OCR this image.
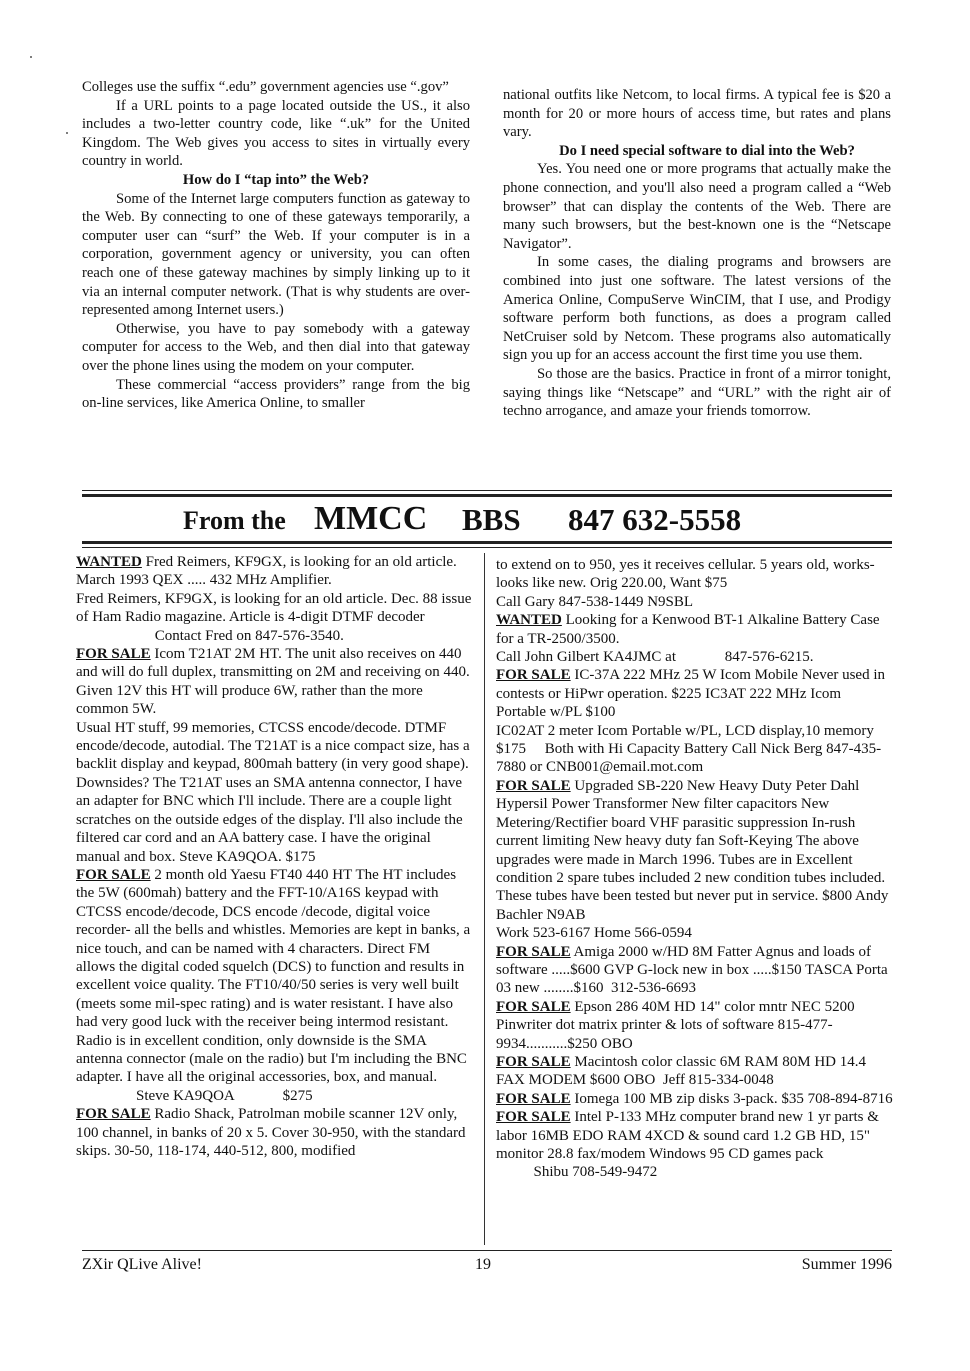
Colleges use the suffix “.edu” government agencies use “.gov”

If a URL points to a page located outside the US., it also includes a two-letter country code, like “.uk” for the United Kingdom. The Web gives you access to sites in virtually every country in world.

How do I “tap into” the Web?

Some of the Internet large computers function as gateway to the Web. By connecting to one of these gateways temporarily, a computer user can “surf” the Web. If your computer is in a corporation, government agency or university, you can often reach one of these gateway machines by simply linking up to it via an internal computer network. (That is why students are over-represented among Internet users.)

Otherwise, you have to pay somebody with a gateway computer for access to the Web, and then dial into that gateway over the phone lines using the modem on your computer.

These commercial “access providers” range from the big on-line services, like America Online, to smaller

national outfits like Netcom, to local firms. A typical fee is $20 a month for 20 or more hours of access time, but rates and plans vary.

Do I need special software to dial into the Web?

Yes. You need one or more programs that actually make the phone connection, and you'll also need a program called a “Web browser” that can display the contents of the Web. There are many such browsers, but the best-known one is the “Netscape Navigator”.

In some cases, the dialing programs and browsers are combined into just one software. The latest versions of the America Online, CompuServe WinCIM, that I use, and Prodigy software perform both functions, as does a program called NetCruiser sold by Netcom. These programs also automatically sign you up for an access account the first time you use them.

So those are the basics. Practice in front of a mirror tonight, saying things like “Netscape” and “URL” with the right air of techno arrogance, and amaze your friends tomorrow.

From the MMCC BBS 847 632-5558

WANTED Fred Reimers, KF9GX, is looking for an old article. March 1993 QEX ..... 432 MHz Amplifier.

Fred Reimers, KF9GX, is looking for an old article. Dec. 88 issue of Ham Radio magazine. Article is 4-digit DTMF decoder                      Contact Fred on 847-576-3540.

FOR SALE Icom T21AT 2M HT. The unit also receives on 440 and will do full duplex, transmitting on 2M and receiving on 440. Given 12V this HT will produce 6W, rather than the more common 5W.

Usual HT stuff, 99 memories, CTCSS encode/decode. DTMF encode/decode, autodial. The T21AT is a nice compact size, has a backlit display and keypad, 800mah battery (in very good shape).

Downsides? The T21AT uses an SMA antenna connector, I have an adapter for BNC which I'll include. There are a couple light scratches on the outside edges of the display. I'll also include the filtered car cord and an AA battery case. I have the original manual and box. Steve KA9QOA. $175

FOR SALE 2 month old Yaesu FT40 440 HT The HT includes the 5W (600mah) battery and the FFT-10/A16S keypad with CTCSS encode/decode, DCS encode /decode, digital voice recorder- all the bells and whistles. Memories are kept in banks, a nice touch, and can be named with 4 characters. Direct FM allows the digital coded squelch (DCS) to function and results in excellent voice quality. The FT10/40/50 series is very well built (meets some mil-spec rating) and is water resistant. I have also had very good luck with the receiver being intermod resistant. Radio is in excellent condition, only downside is the SMA antenna connector (male on the radio) but I'm including the BNC adapter. I have all the original accessories, box, and manual.                 Steve KA9QOA             $275

FOR SALE Radio Shack, Patrolman mobile scanner 12V only, 100 channel, in banks of 20 x 5. Cover 30-950, with the standard skips. 30-50, 118-174, 440-512, 800, modified

to extend on to 950, yes it receives cellular. 5 years old, works-looks like new. Orig 220.00, Want $75

Call Gary 847-538-1449 N9SBL

WANTED Looking for a Kenwood BT-1 Alkaline Battery Case for a TR-2500/3500.

Call John Gilbert KA4JMC at             847-576-6215.

FOR SALE IC-37A 222 MHz 25 W Icom Mobile Never used in contests or HiPwr operation. $225 IC3AT 222 MHz Icom Portable w/PL $100

IC02AT 2 meter Icom Portable w/PL, LCD display,10 memory $175     Both with Hi Capacity Battery Call Nick Berg 847-435-7880 or CNB001@email.mot.com

FOR SALE Upgraded SB-220 New Heavy Duty Peter Dahl Hypersil Power Transformer New filter capacitors New Metering/Rectifier board VHF parasitic suppression In-rush current limiting New heavy duty fan Soft-Keying The above upgrades were made in March 1996. Tubes are in Excellent condition 2 spare tubes included 2 new condition tubes included. These tubes have been tested but never put in service. $800 Andy Bachler N9AB

Work 523-6167 Home 566-0594

FOR SALE Amiga 2000 w/HD 8M Fatter Agnus and loads of software .....$600 GVP G-lock new in box .....$150 TASCA Porta 03 new ........$160  312-536-6693

FOR SALE Epson 286 40M HD 14" color mntr NEC 5200 Pinwriter dot matrix printer & lots of software 815-477-9934...........$250 OBO

FOR SALE Macintosh color classic 6M RAM 80M HD 14.4 FAX MODEM $600 OBO  Jeff 815-334-0048

FOR SALE Iomega 100 MB zip disks 3-pack. $35 708-894-8716

FOR SALE Intel P-133 MHz computer brand new 1 yr parts & labor 16MB EDO RAM 4XCD & sound card 1.2 GB HD, 15" monitor 28.8 fax/modem Windows 95 CD games pack           Shibu 708-549-9472

ZXir QLive Alive!	19	Summer 1996
